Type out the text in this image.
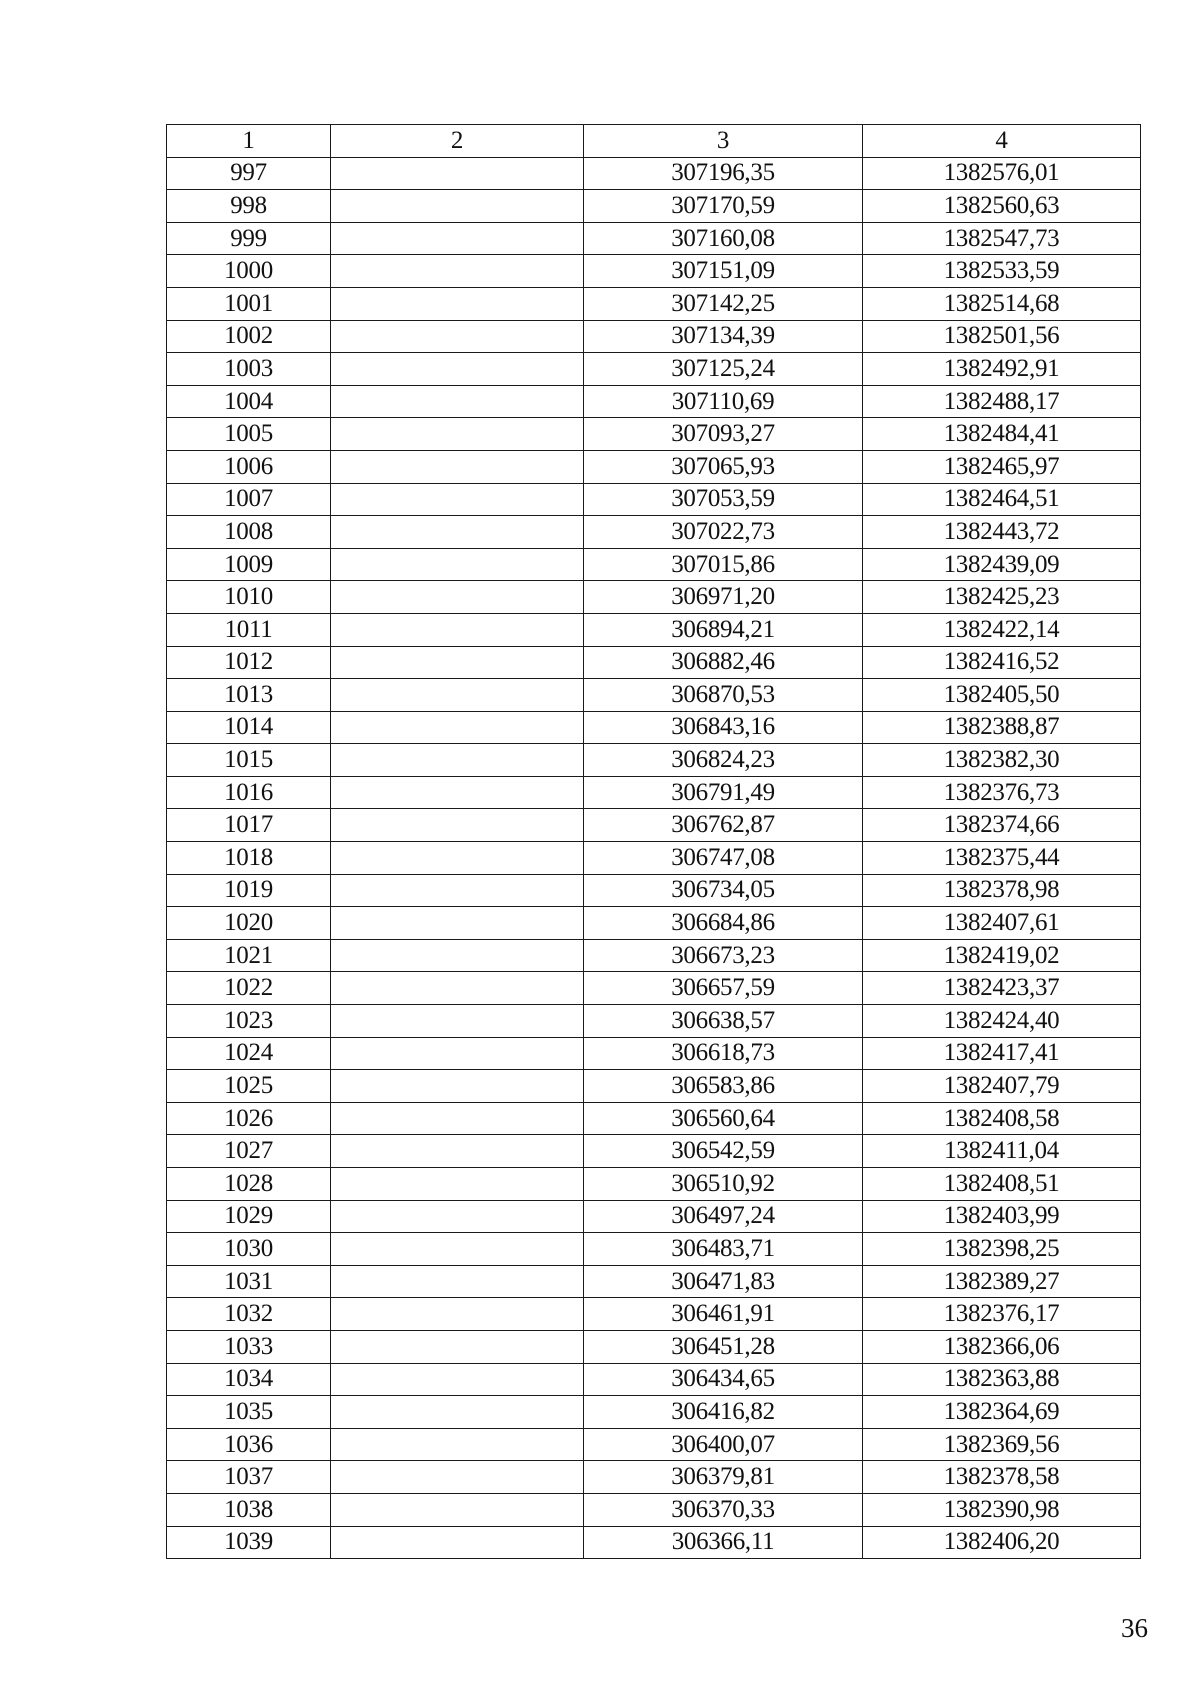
1	2	3	4
997		307196,35	1382576,01
998		307170,59	1382560,63
999		307160,08	1382547,73
1000		307151,09	1382533,59
1001		307142,25	1382514,68
1002		307134,39	1382501,56
1003		307125,24	1382492,91
1004		307110,69	1382488,17
1005		307093,27	1382484,41
1006		307065,93	1382465,97
1007		307053,59	1382464,51
1008		307022,73	1382443,72
1009		307015,86	1382439,09
1010		306971,20	1382425,23
1011		306894,21	1382422,14
1012		306882,46	1382416,52
1013		306870,53	1382405,50
1014		306843,16	1382388,87
1015		306824,23	1382382,30
1016		306791,49	1382376,73
1017		306762,87	1382374,66
1018		306747,08	1382375,44
1019		306734,05	1382378,98
1020		306684,86	1382407,61
1021		306673,23	1382419,02
1022		306657,59	1382423,37
1023		306638,57	1382424,40
1024		306618,73	1382417,41
1025		306583,86	1382407,79
1026		306560,64	1382408,58
1027		306542,59	1382411,04
1028		306510,92	1382408,51
1029		306497,24	1382403,99
1030		306483,71	1382398,25
1031		306471,83	1382389,27
1032		306461,91	1382376,17
1033		306451,28	1382366,06
1034		306434,65	1382363,88
1035		306416,82	1382364,69
1036		306400,07	1382369,56
1037		306379,81	1382378,58
1038		306370,33	1382390,98
1039		306366,11	1382406,20
36
